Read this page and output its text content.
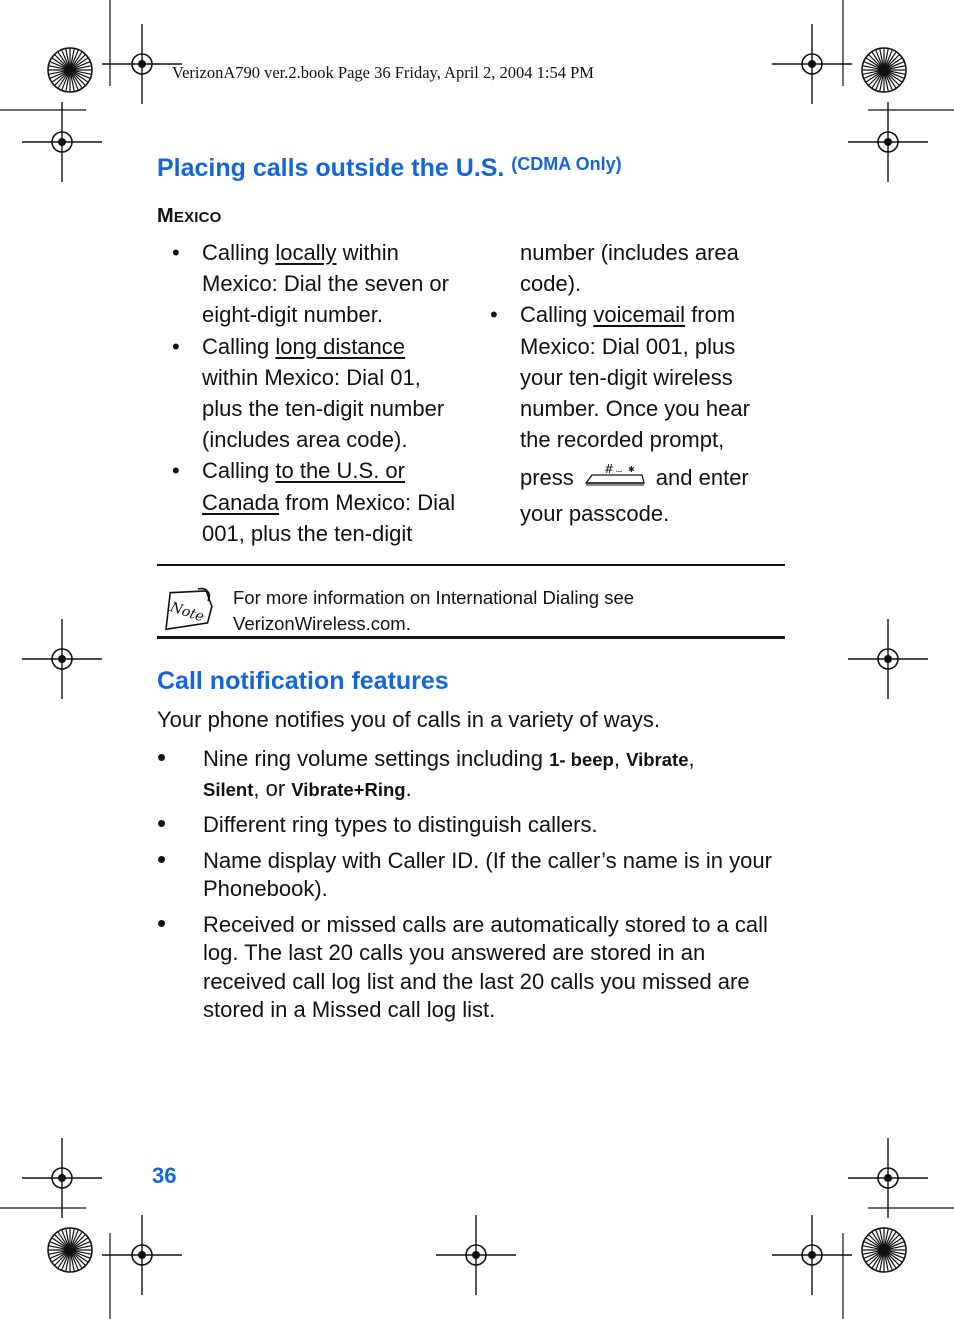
VerizonA790 ver.2.book Page 36 Friday, April 2, 2004 1:54 PM
Placing calls outside the U.S. $^{(CDMA Only)}$
MEXICO
• Calling locally within
Mexico: Dial the seven or
eight-digit number.
• Calling long distance
within Mexico: Dial 01,
plus the ten-digit number
(includes area code).
• Calling to the U.S. or
Canada from Mexico: Dial
001, plus the ten-digit
number (includes area
code).
• Calling voicemail from
Mexico: Dial 001, plus
your ten-digit wireless
number. Once you hear
the recorded prompt,
press	# ⌴ ✱ and enter
your passcode.
Note
For more information on International Dialing see
VerizonWireless.com.
Call notification features
Your phone notifies you of calls in a variety of ways.
• Nine ring volume settings including 1- beep, Vibrate,
Silent, or Vibrate+Ring.
• Different ring types to distinguish callers.
• Name display with Caller ID. (If the caller’s name is in your Phonebook).
• Received or missed calls are automatically stored to a call log. The last 20 calls you answered are stored in an received call log list and the last 20 calls you missed are stored in a Missed call log list.
36
